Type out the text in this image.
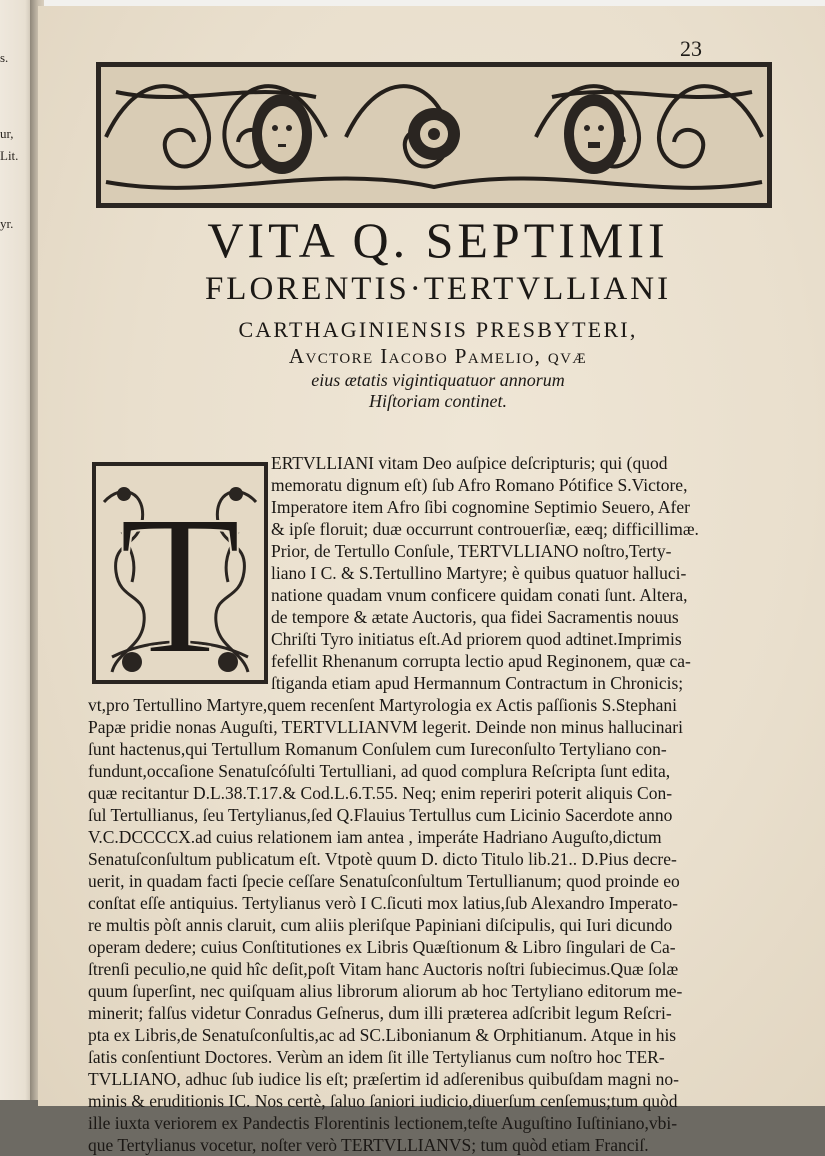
s.
ur,
Lit.
yr.
23
VITA Q. SEPTIMII
FLORENTIS·TERTVLLIANI
CARTHAGINIENSIS PRESBYTERI,
Avctore Iacobo Pamelio, qvæ
eius ætatis vigintiquatuor annorum
Hiſtoriam continet.
T
ERTVLLIANI vitam Deo auſpice deſcripturis; qui (quod
memoratu dignum eſt) ſub Afro Romano Pótifice S.Victore,
Imperatore item Afro ſibi cognomine Septimio Seuero, Afer
& ipſe floruit; duæ occurrunt controuerſiæ, eæq; difficillimæ.
Prior, de Tertullo Conſule, TERTVLLIANO noſtro,Terty-
liano I C. & S.Tertullino Martyre; è quibus quatuor halluci-
natione quadam vnum conficere quidam conati ſunt. Altera,
de tempore & ætate Auctoris, qua fidei Sacramentis nouus
Chriſti Tyro initiatus eſt.Ad priorem quod adtinet.Imprimis
fefellit Rhenanum corrupta lectio apud Reginonem, quæ ca-
ſtiganda etiam apud Hermannum Contractum in Chronicis;
vt,pro Tertullino Martyre,quem recenſent Martyrologia ex Actis paſſionis S.Stephani
Papæ pridie nonas Auguſti, TERTVLLIANVM legerit. Deinde non minus hallucinari
ſunt hactenus,qui Tertullum Romanum Conſulem cum Iureconſulto Tertyliano con-
fundunt,occaſione Senatuſcóſulti Tertulliani, ad quod complura Reſcripta ſunt edita,
quæ recitantur D.L.38.T.17.& Cod.L.6.T.55. Neq; enim reperiri poterit aliquis Con-
ſul Tertullianus, ſeu Tertylianus,ſed Q.Flauius Tertullus cum Licinio Sacerdote anno
V.C.DCCCCX.ad cuius relationem iam antea , imperáte Hadriano Auguſto,dictum
Senatuſconſultum publicatum eſt. Vtpotè quum D. dicto Titulo lib.21.. D.Pius decre-
uerit, in quadam facti ſpecie ceſſare Senatuſconſultum Tertullianum; quod proinde eo
conſtat eſſe antiquius. Tertylianus verò I C.ſicuti mox latius,ſub Alexandro Imperato-
re multis pòſt annis claruit, cum aliis pleriſque Papiniani diſcipulis, qui Iuri dicundo
operam dedere; cuius Conſtitutiones ex Libris Quæſtionum & Libro ſingulari de Ca-
ſtrenſi peculio,ne quid hîc deſit,poſt Vitam hanc Auctoris noſtri ſubiecimus.Quæ ſolæ
quum ſuperſint, nec quiſquam alius librorum aliorum ab hoc Tertyliano editorum me-
minerit; falſus videtur Conradus Geſnerus, dum illi præterea adſcribit legum Reſcri-
pta ex Libris,de Senatuſconſultis,ac ad SC.Libonianum & Orphitianum. Atque in his
ſatis conſentiunt Doctores. Verùm an idem ſit ille Tertylianus cum noſtro hoc TER-
TVLLIANO, adhuc ſub iudice lis eſt; præſertim id adſerenibus quibuſdam magni no-
minis & eruditionis IC. Nos certè, ſaluo ſaniori iudicio,diuerſum cenſemus;tum quòd
ille iuxta veriorem ex Pandectis Florentinis lectionem,teſte Auguſtino Iuſtiniano,vbi-
que Tertylianus vocetur, noſter verò TERTVLLIANVS; tum quòd etiam Franciſ.
